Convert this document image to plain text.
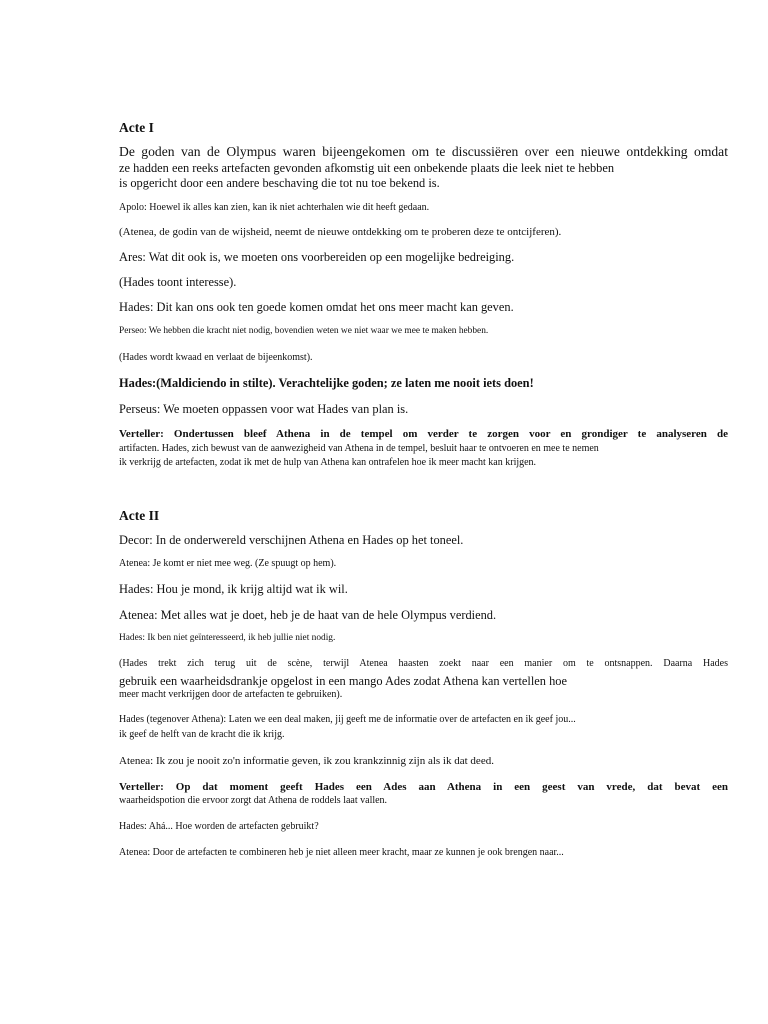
Acte I

De goden van de Olympus waren bijeengekomen om te discussiëren over een nieuwe ontdekking omdat

ze hadden een reeks artefacten gevonden afkomstig uit een onbekende plaats die leek niet te hebben

is opgericht door een andere beschaving die tot nu toe bekend is.

Apolo: Hoewel ik alles kan zien, kan ik niet achterhalen wie dit heeft gedaan.

(Atenea, de godin van de wijsheid, neemt de nieuwe ontdekking om te proberen deze te ontcijferen).

Ares: Wat dit ook is, we moeten ons voorbereiden op een mogelijke bedreiging.

(Hades toont interesse).

Hades: Dit kan ons ook ten goede komen omdat het ons meer macht kan geven.

Perseo: We hebben die kracht niet nodig, bovendien weten we niet waar we mee te maken hebben.

(Hades wordt kwaad en verlaat de bijeenkomst).

Hades:(Maldiciendo in stilte). Verachtelijke goden; ze laten me nooit iets doen!

Perseus: We moeten oppassen voor wat Hades van plan is.

Verteller: Ondertussen bleef Athena in de tempel om verder te zorgen voor en grondiger te analyseren de

artifacten. Hades, zich bewust van de aanwezigheid van Athena in de tempel, besluit haar te ontvoeren en mee te nemen

ik verkrijg de artefacten, zodat ik met de hulp van Athena kan ontrafelen hoe ik meer macht kan krijgen.

Acte II

Decor: In de onderwereld verschijnen Athena en Hades op het toneel.

Atenea: Je komt er niet mee weg. (Ze spuugt op hem).

Hades: Hou je mond, ik krijg altijd wat ik wil.

Atenea: Met alles wat je doet, heb je de haat van de hele Olympus verdiend.

Hades: Ik ben niet geïnteresseerd, ik heb jullie niet nodig.

(Hades trekt zich terug uit de scène, terwijl Atenea haasten zoekt naar een manier om te ontsnappen. Daarna Hades

gebruik een waarheidsdrankje opgelost in een mango Ades zodat Athena kan vertellen hoe

meer macht verkrijgen door de artefacten te gebruiken).

Hades (tegenover Athena): Laten we een deal maken, jij geeft me de informatie over de artefacten en ik geef jou...

ik geef de helft van de kracht die ik krijg.

Atenea: Ik zou je nooit zo'n informatie geven, ik zou krankzinnig zijn als ik dat deed.

Verteller: Op dat moment geeft Hades een Ades aan Athena in een geest van vrede, dat bevat een

waarheidspotion die ervoor zorgt dat Athena de roddels laat vallen.

Hades: Ahá... Hoe worden de artefacten gebruikt?

Atenea: Door de artefacten te combineren heb je niet alleen meer kracht, maar ze kunnen je ook brengen naar...
